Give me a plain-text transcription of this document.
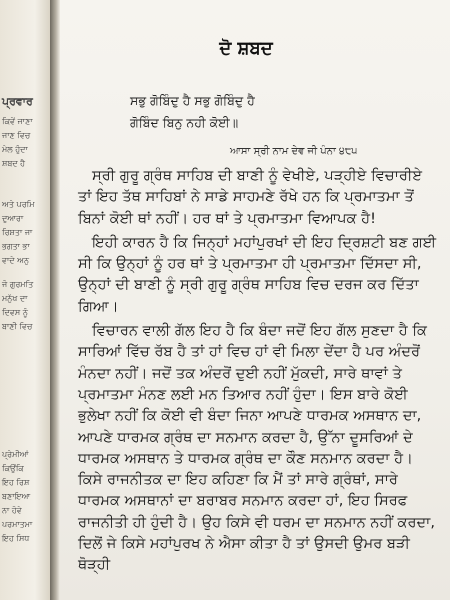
ਪ੍ਰਵਾਰ
ਕਿਵੇਂ ਜਾਣਾ
ਜਾਣ ਵਿਚ
ਮੇਲ ਹੁੰਦਾ
ਸ਼ਬਦ ਹੈ
ਅਤੇ ਪਰਮਿ
ਦੁਆਰਾ
ਰਿਸ਼ਤਾ ਜਾ
ਭਗਤਾ ਭਾ
ਵਾਦੇ ਅਨੁ
ਜੋ ਗੁਰਮਤਿ
ਮਨੁੱਖ ਦਾ
ਦਿਵਸ ਨੂੰ
ਬਾਣੀ ਵਿਚ
ਪ੍ਰੇਮੀਆਂ
ਕਿਉਂਕਿ
ਇਹ ਰਿਸ਼
ਬਣਾਇਆ
ਨਾ ਹੋਵੇ
ਪਰਮਾਤਮਾ
ਇਹ ਸਿਧ
ਦੋ ਸ਼ਬਦ
ਸਭੁ ਗੋਬਿੰਦੁ ਹੈ ਸਭੁ ਗੋਬਿੰਦੁ ਹੈ
ਗੋਬਿੰਦ ਬਿਨੁ ਨਹੀ ਕੋਈ॥
ਆਸਾ ਸ੍ਰੀ ਨਾਮ ਦੇਵ ਜੀ ਪੰਨਾ ੪੮੫

ਸ੍ਰੀ ਗੁਰੂ ਗ੍ਰੰਥ ਸਾਹਿਬ ਦੀ ਬਾਣੀ ਨੂੰ ਵੇਖੀਏ, ਪੜ੍ਹੀਏ ਵਿਚਾਰੀਏ ਤਾਂ ਇਹ ਤੱਥ ਸਾਹਿਬਾਂ ਨੇ ਸਾਡੇ ਸਾਹਮਣੇ ਰੱਖੇ ਹਨ ਕਿ ਪ੍ਰਮਾਤਮਾ ਤੋਂ ਬਿਨਾਂ ਕੋਈ ਥਾਂ ਨਹੀਂ। ਹਰ ਥਾਂ ਤੇ ਪ੍ਰਮਾਤਮਾ ਵਿਆਪਕ ਹੈ!

ਇਹੀ ਕਾਰਨ ਹੈ ਕਿ ਜਿਨ੍ਹਾਂ ਮਹਾਂਪੁਰਖਾਂ ਦੀ ਇਹ ਦ੍ਰਿਸ਼ਟੀ ਬਣ ਗਈ ਸੀ ਕਿ ਉਨ੍ਹਾਂ ਨੂੰ ਹਰ ਥਾਂ ਤੇ ਪ੍ਰਮਾਤਮਾ ਹੀ ਪ੍ਰਮਾਤਮਾ ਦਿੱਸਦਾ ਸੀ, ਉਨ੍ਹਾਂ ਦੀ ਬਾਣੀ ਨੂੰ ਸ੍ਰੀ ਗੁਰੂ ਗ੍ਰੰਥ ਸਾਹਿਬ ਵਿਚ ਦਰਜ ਕਰ ਦਿੱਤਾ ਗਿਆ।

ਵਿਚਾਰਨ ਵਾਲੀ ਗੱਲ ਇਹ ਹੈ ਕਿ ਬੰਦਾ ਜਦੋਂ ਇਹ ਗੱਲ ਸੁਣਦਾ ਹੈ ਕਿ ਸਾਰਿਆਂ ਵਿੱਚ ਰੱਬ ਹੈ ਤਾਂ ਹਾਂ ਵਿਚ ਹਾਂ ਵੀ ਮਿਲਾ ਦੇਂਦਾ ਹੈ ਪਰ ਅੰਦਰੋਂ ਮੰਨਦਾ ਨਹੀਂ। ਜਦੋਂ ਤਕ ਅੰਦਰੋਂ ਦੁਈ ਨਹੀਂ ਮੁੱਕਦੀ, ਸਾਰੇ ਥਾਵਾਂ ਤੇ ਪ੍ਰਮਾਤਮਾ ਮੰਨਣ ਲਈ ਮਨ ਤਿਆਰ ਨਹੀਂ ਹੁੰਦਾ। ਇਸ ਬਾਰੇ ਕੋਈ ਭੁਲੇਖਾ ਨਹੀਂ ਕਿ ਕੋਈ ਵੀ ਬੰਦਾ ਜਿਨਾ ਆਪਣੇ ਧਾਰਮਕ ਅਸਥਾਨ ਦਾ, ਆਪਣੇ ਧਾਰਮਕ ਗ੍ਰੰਥ ਦਾ ਸਨਮਾਨ ਕਰਦਾ ਹੈ, ਉੱਨਾ ਦੂਸਰਿਆਂ ਦੇ ਧਾਰਮਕ ਅਸਥਾਨ ਤੇ ਧਾਰਮਕ ਗ੍ਰੰਥ ਦਾ ਕੌਣ ਸਨਮਾਨ ਕਰਦਾ ਹੈ। ਕਿਸੇ ਰਾਜਨੀਤਕ ਦਾ ਇਹ ਕਹਿਣਾ ਕਿ ਮੈਂ ਤਾਂ ਸਾਰੇ ਗ੍ਰੰਥਾਂ, ਸਾਰੇ ਧਾਰਮਕ ਅਸਥਾਨਾਂ ਦਾ ਬਰਾਬਰ ਸਨਮਾਨ ਕਰਦਾ ਹਾਂ, ਇਹ ਸਿਰਫ ਰਾਜਨੀਤੀ ਹੀ ਹੁੰਦੀ ਹੈ। ਉਹ ਕਿਸੇ ਵੀ ਧਰਮ ਦਾ ਸਨਮਾਨ ਨਹੀਂ ਕਰਦਾ, ਦਿਲੋਂ ਜੇ ਕਿਸੇ ਮਹਾਂਪੁਰਖ ਨੇ ਐਸਾ ਕੀਤਾ ਹੈ ਤਾਂ ਉਸਦੀ ਉਮਰ ਬੜੀ ਥੋੜ੍ਹੀ
